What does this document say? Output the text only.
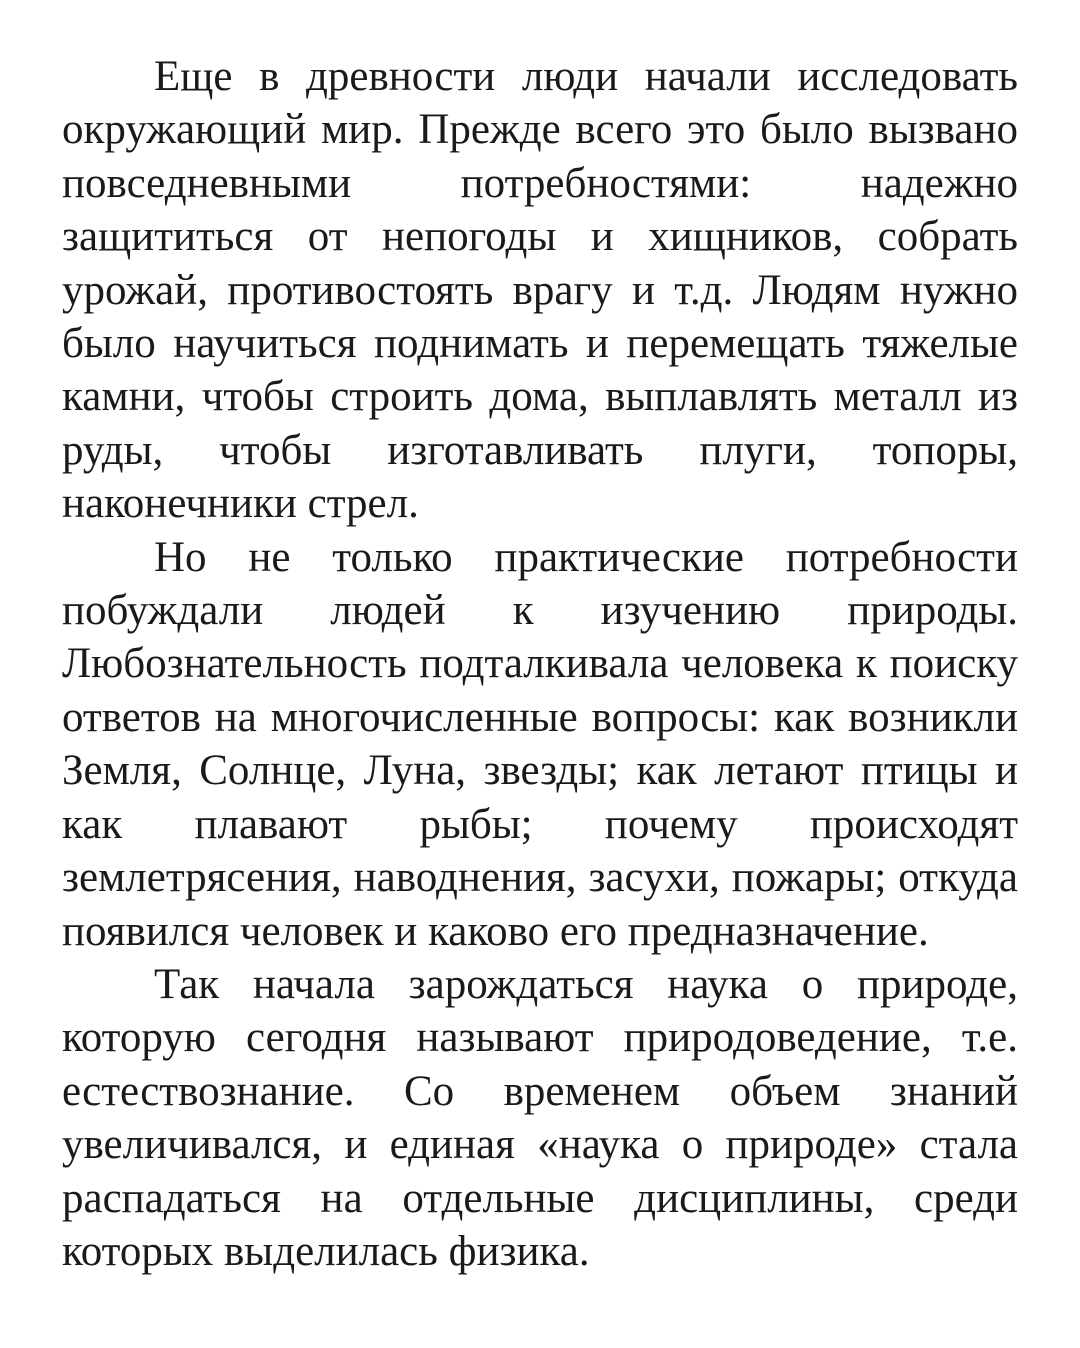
Еще в древности люди начали исследовать окружающий мир. Прежде всего это было вызвано повседневными потребностями: надежно защититься от непогоды и хищников, собрать урожай, противостоять врагу и т.д. Людям нужно было научиться поднимать и перемещать тяжелые камни, чтобы строить дома, выплавлять металл из руды, чтобы изготавливать плуги, топоры, наконечники стрел.

Но не только практические потребности побуждали людей к изучению природы. Любознательность подталкивала человека к поиску ответов на многочисленные вопросы: как возникли Земля, Солнце, Луна, звезды; как летают птицы и как плавают рыбы; почему происходят землетрясения, наводнения, засухи, пожары; откуда появился человек и каково его предназначение.

Так начала зарождаться наука о природе, которую сегодня называют природоведение, т.е. естествознание. Со временем объем знаний увеличивался, и единая «наука о природе» стала распадаться на отдельные дисциплины, среди которых выделилась физика.
